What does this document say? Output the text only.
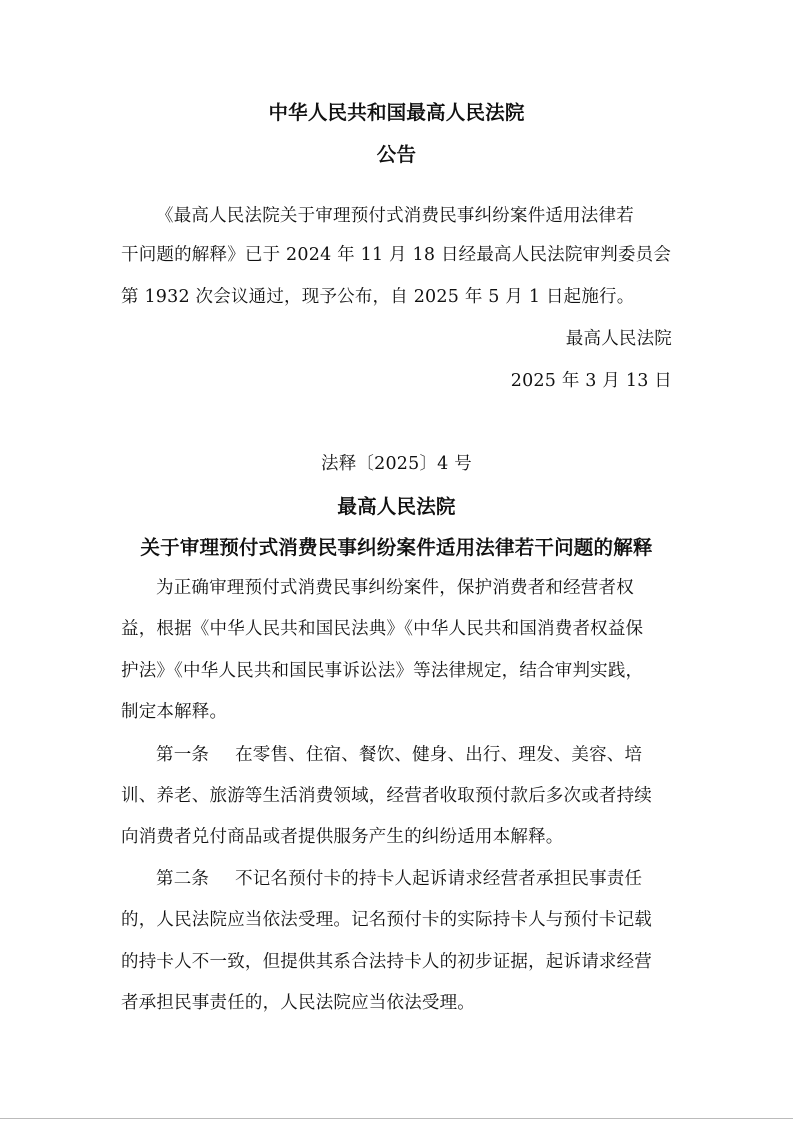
中华人民共和国最高人民法院
公告
《最高人民法院关于审理预付式消费民事纠纷案件适用法律若
干问题的解释》已于 2024 年 11 月 18 日经最高人民法院审判委员会
第 1932 次会议通过，现予公布，自 2025 年 5 月 1 日起施行。
最高人民法院
2025 年 3 月 13 日
法释〔2025〕4 号
最高人民法院
关于审理预付式消费民事纠纷案件适用法律若干问题的解释
为正确审理预付式消费民事纠纷案件，保护消费者和经营者权
益，根据《中华人民共和国民法典》《中华人民共和国消费者权益保
护法》《中华人民共和国民事诉讼法》等法律规定，结合审判实践，
制定本解释。
第一条 在零售、住宿、餐饮、健身、出行、理发、美容、培
训、养老、旅游等生活消费领域，经营者收取预付款后多次或者持续
向消费者兑付商品或者提供服务产生的纠纷适用本解释。
第二条 不记名预付卡的持卡人起诉请求经营者承担民事责任
的，人民法院应当依法受理。记名预付卡的实际持卡人与预付卡记载
的持卡人不一致，但提供其系合法持卡人的初步证据，起诉请求经营
者承担民事责任的，人民法院应当依法受理。
